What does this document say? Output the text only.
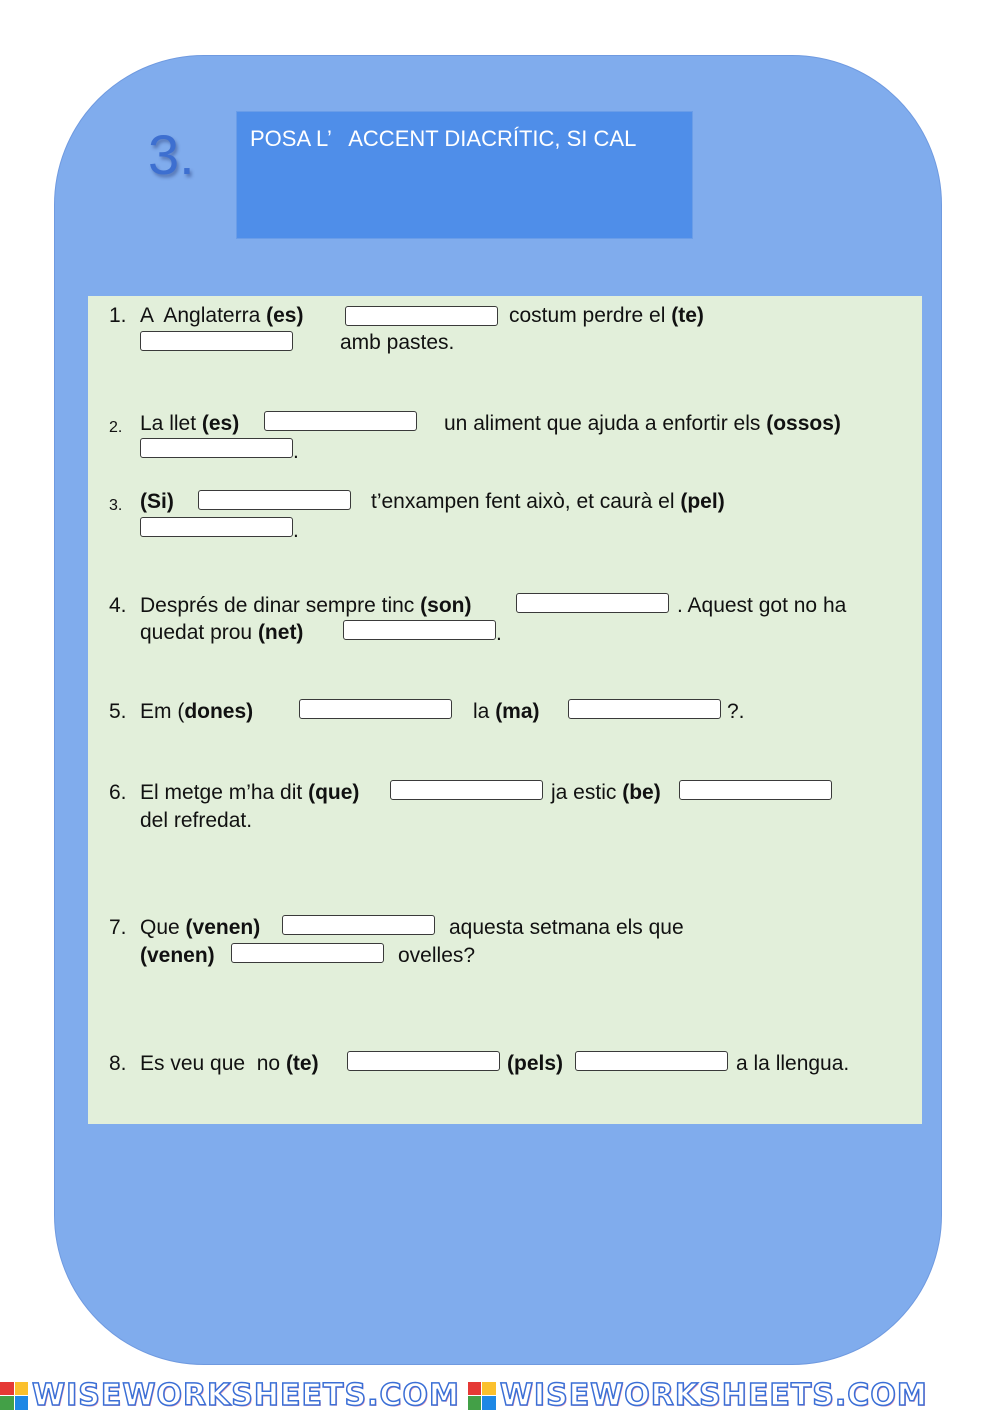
3.	POSA L’   ACCENT DIACRÍTIC, SI CAL
1. A  Anglaterra (es)	costum perdre el (te)
amb pastes.
2. La llet (es)	un aliment que ajuda a enfortir els (ossos)
.
3. (Si)	t’enxampen fent això, et caurà el (pel)
.
4. Després de dinar sempre tinc (son)	. Aquest got no ha
quedat prou (net)	.
5. Em (dones)	la (ma)	?.
6. El metge m’ha dit (que)	ja estic (be)
del refredat.
7. Que (venen)	aquesta setmana els que
(venen)	ovelles?
8. Es veu que  no (te)	(pels)	a la llengua.
WISEWORKSHEETS.COM WISEWORKSHEETS.COM
